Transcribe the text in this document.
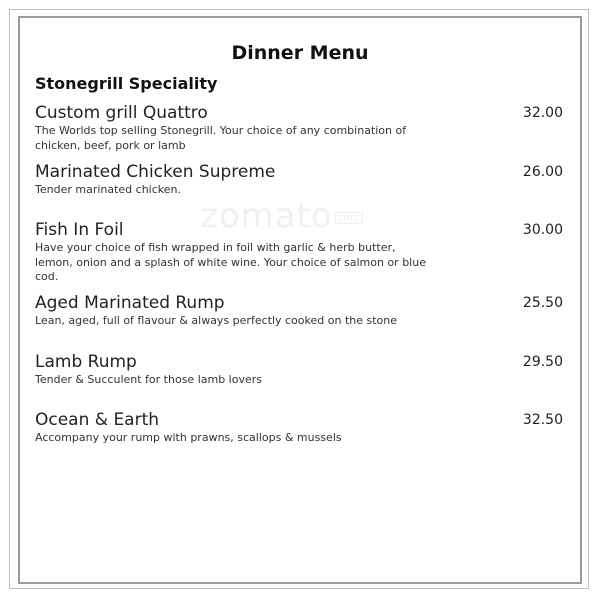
zomato com
Dinner Menu
Stonegrill Speciality
Custom grill Quattro	32.00
The Worlds top selling Stonegrill. Your choice of any combination of chicken, beef, pork or lamb
Marinated Chicken Supreme	26.00
Tender marinated chicken.
Fish In Foil	30.00
Have your choice of fish wrapped in foil with garlic & herb butter, lemon, onion and a splash of white wine. Your choice of salmon or blue cod.
Aged Marinated Rump	25.50
Lean, aged, full of flavour & always perfectly cooked on the stone
Lamb Rump	29.50
Tender & Succulent for those lamb lovers
Ocean & Earth	32.50
Accompany your rump with prawns, scallops & mussels
